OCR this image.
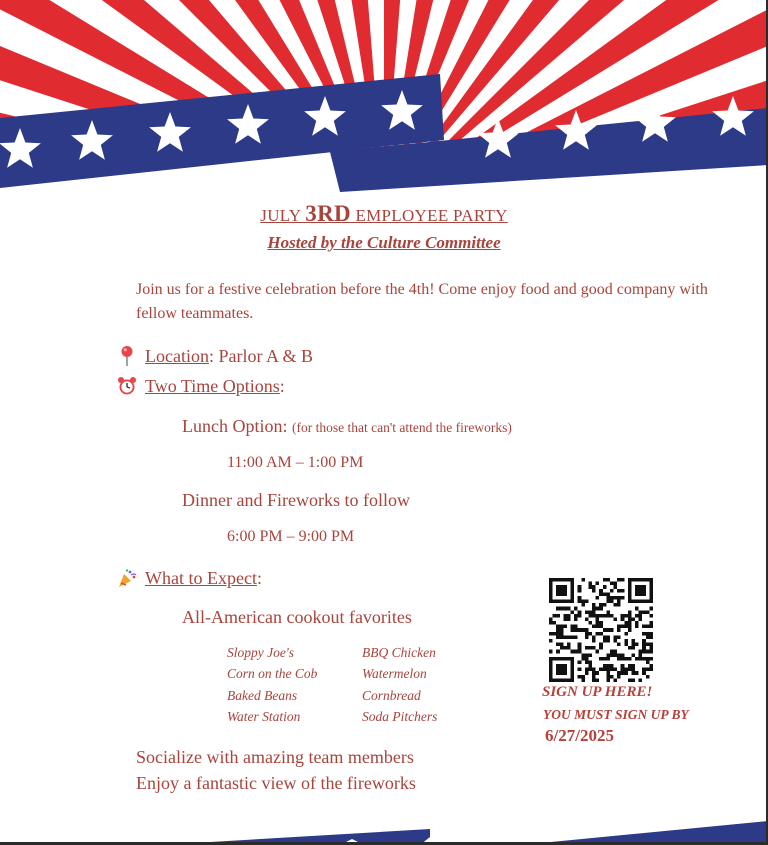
JULY 3RD EMPLOYEE PARTY
Hosted by the Culture Committee
Join us for a festive celebration before the 4th! Come enjoy food and good company with fellow teammates.
Location : Parlor A & B
Two Time Options :
Lunch Option: (for those that can't attend the fireworks)
11:00 AM – 1:00 PM
Dinner and Fireworks to follow
6:00 PM – 9:00 PM
What to Expect :
All-American cookout favorites
Sloppy Joe's
Corn on the Cob
Baked Beans
Water Station
BBQ Chicken
Watermelon
Cornbread
Soda Pitchers
SIGN UP HERE!
YOU MUST SIGN UP BY
6/27/2025
Socialize with amazing team members
Enjoy a fantastic view of the fireworks
